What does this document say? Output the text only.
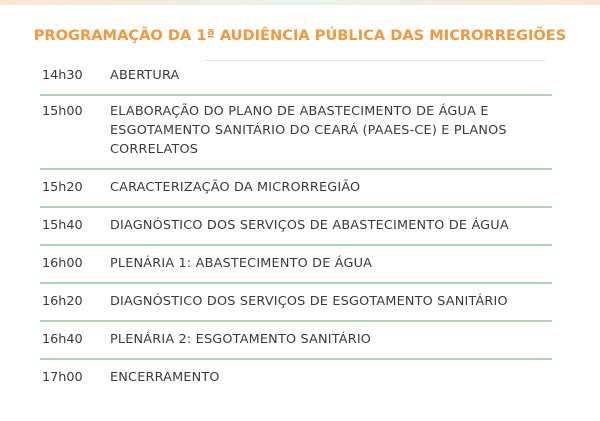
PROGRAMAÇÃO DA 1ª AUDIÊNCIA PÚBLICA DAS MICRORREGIÕES
14h30	ABERTURA
15h00	ELABORAÇÃO DO PLANO DE ABASTECIMENTO DE ÁGUA E ESGOTAMENTO SANITÁRIO DO CEARÁ (PAAES-CE) E PLANOS CORRELATOS
15h20	CARACTERIZAÇÃO DA MICRORREGIÃO
15h40	DIAGNÓSTICO DOS SERVIÇOS DE ABASTECIMENTO DE ÁGUA
16h00	PLENÁRIA 1: ABASTECIMENTO DE ÁGUA
16h20	DIAGNÓSTICO DOS SERVIÇOS DE ESGOTAMENTO SANITÁRIO
16h40	PLENÁRIA 2: ESGOTAMENTO SANITÁRIO
17h00	ENCERRAMENTO
